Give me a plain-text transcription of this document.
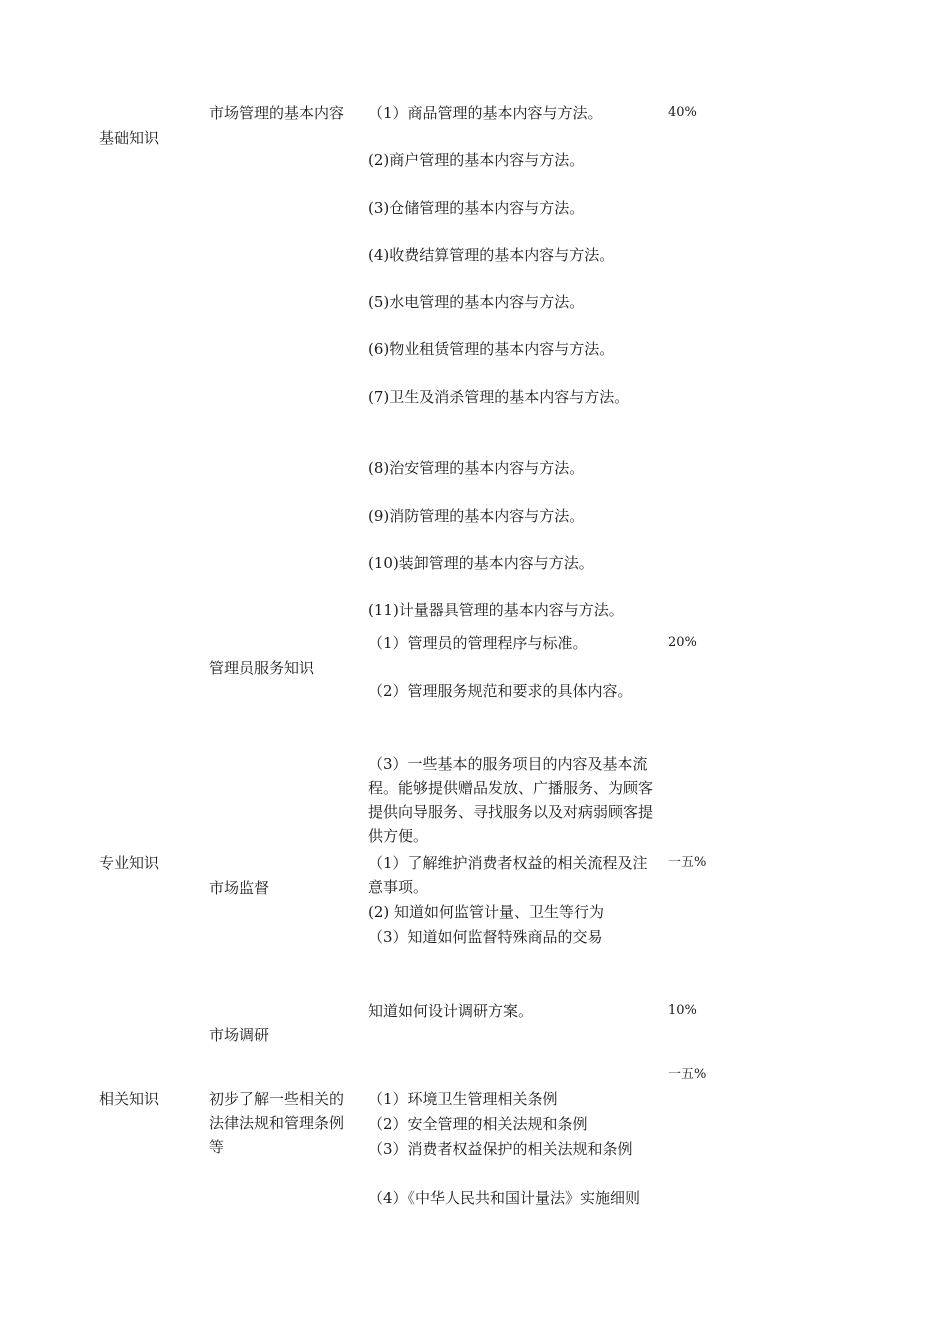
基础知识
专业知识
相关知识
市场管理的基本内容
管理员服务知识
市场监督
市场调研
初步了解一些相关的法律法规和管理条例等
（1）商品管理的基本内容与方法。
(2)商户管理的基本内容与方法。
(3)仓储管理的基本内容与方法。
(4)收费结算管理的基本内容与方法。
(5)水电管理的基本内容与方法。
(6)物业租赁管理的基本内容与方法。
(7)卫生及消杀管理的基本内容与方法。
(8)治安管理的基本内容与方法。
(9)消防管理的基本内容与方法。
(10)装卸管理的基本内容与方法。
(11)计量器具管理的基本内容与方法。
（1）管理员的管理程序与标准。
（2）管理服务规范和要求的具体内容。
（3）一些基本的服务项目的内容及基本流程。能够提供赠品发放、广播服务、为顾客提供向导服务、寻找服务以及对病弱顾客提供方便。
（1）了解维护消费者权益的相关流程及注意事项。
(2) 知道如何监管计量、卫生等行为
（3）知道如何监督特殊商品的交易
知道如何设计调研方案。
（1）环境卫生管理相关条例
（2）安全管理的相关法规和条例
（3）消费者权益保护的相关法规和条例
（4）《中华人民共和国计量法》实施细则
40%
20%
一五%
10%
一五%
